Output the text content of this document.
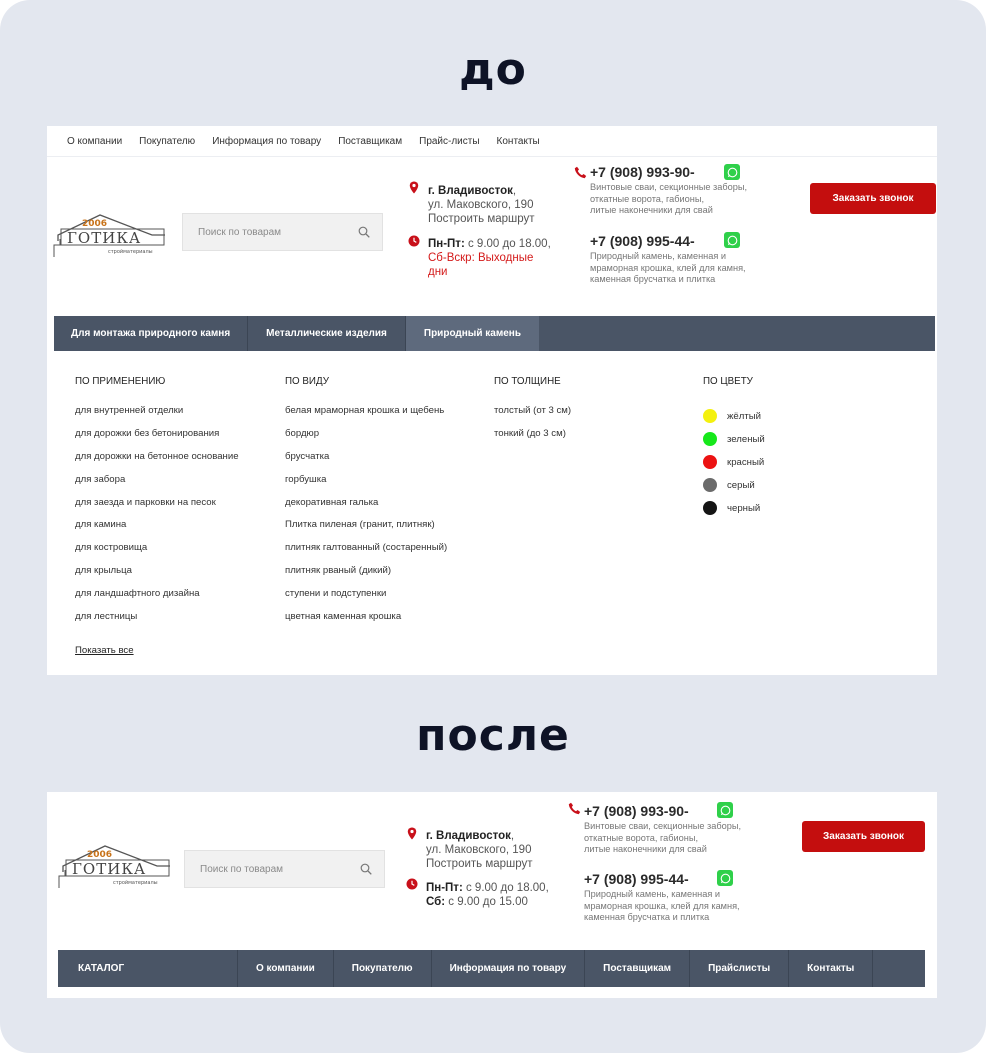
до
О компании Покупателю Информация по товару Поставщикам Прайс-листы Контакты
2006
ГОТИКА
стройматериалы
Поиск по товарам
г. Владивосток,
ул. Маковского, 190
Построить маршрут
Пн-Пт: с 9.00 до 18.00,
Сб-Вскр: Выходные
дни
+7 (908) 993-90-
Винтовые сваи, секционные заборы,
откатные ворота, габионы,
литые наконечники для свай
+7 (908) 995-44-
Природный камень, каменная и
мраморная крошка, клей для камня,
каменная брусчатка и плитка
Заказать звонок
Для монтажа природного камня	Металлические изделия	Природный камень
ПО ПРИМЕНЕНИЮ
для внутренней отделки
для дорожки без бетонирования
для дорожки на бетонное основание
для забора
для заезда и парковки на песок
для камина
для костровища
для крыльца
для ландшафтного дизайна
для лестницы
ПО ВИДУ
белая мраморная крошка и щебень
бордюр
брусчатка
горбушка
декоративная галька
Плитка пиленая (гранит, плитняк)
плитняк галтованный (состаренный)
плитняк рваный (дикий)
ступени и подступенки
цветная каменная крошка
ПО ТОЛЩИНЕ
толстый (от 3 см)
тонкий (до 3 см)
ПО ЦВЕТУ
жёлтый
зеленый
красный
серый
черный
Показать все
после
2006
ГОТИКА
стройматериалы
Поиск по товарам
г. Владивосток,
ул. Маковского, 190
Построить маршрут
Пн-Пт: с 9.00 до 18.00,
Сб: с 9.00 до 15.00
+7 (908) 993-90-
Винтовые сваи, секционные заборы,
откатные ворота, габионы,
литые наконечники для свай
+7 (908) 995-44-
Природный камень, каменная и
мраморная крошка, клей для камня,
каменная брусчатка и плитка
Заказать звонок
КАТАЛОГ	О компании	Покупателю	Информация по товару	Поставщикам	Прайслисты	Контакты
